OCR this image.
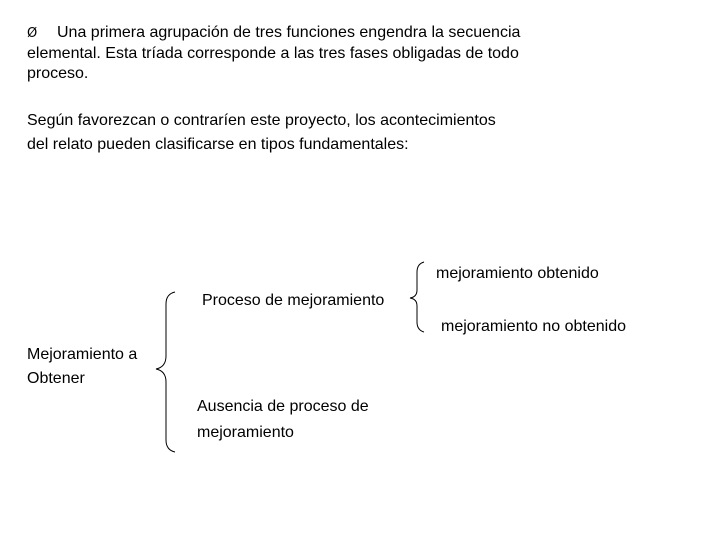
Ø Una primera agrupación de tres funciones engendra la secuencia
elemental. Esta tríada corresponde a las tres fases obligadas de todo
proceso.
Según favorezcan o contraríen este proyecto, los acontecimientos
del relato pueden clasificarse en tipos fundamentales:
mejoramiento obtenido
Proceso de mejoramiento
mejoramiento no obtenido
Mejoramiento a
Obtener
Ausencia de proceso de
mejoramiento
